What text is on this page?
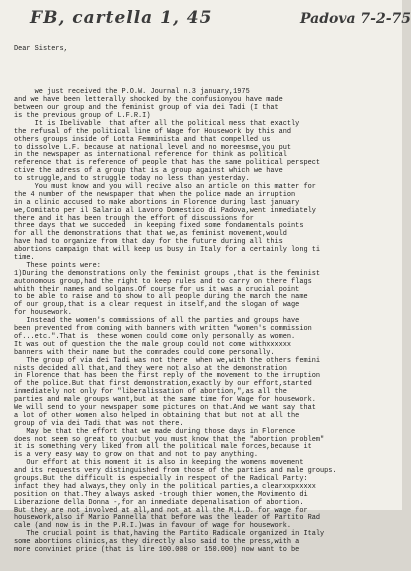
FB, cartella 1, 45	Padova 7-2-75

Dear Sisters,

we just received the P.O.W. Journal n.3 january,1975
and we have been letterally shocked by the confusionyou have made
between our group and the feminist group of via dei Tadi (I that
is the previous group of L.F.R.I)
It is Ibelivable  that after all the political mess that exactly
the refusal of the political line of Wage for Housework by this and
others groups inside of Lotta Femminista and that compelled us
to dissolve L.F. because at national level and no moreesmse,you put
in the newspaper as international reference for think as political
reference that is reference of people that has the same political perspect
ctive the adress of a group that is a group against which we have
to struggle,and to struggle today no less than yesterday.
You must know and you will recive also an article on this matter for
the 4 number of the newspaper that when the police made an irruption
in a clinic accused to make abortions in Florence during last january
we,Comitato per il Salario al Lavoro Domestico di Padova,went inmediately
there and it has been trough the effort of discussions for
three days that we succeded  in keeping fixed some fondamentals points
for all the demonstrations that that we,as feminist movement,would
have had to organize from that day for the future during all this
abortions campaign that will keep us busy in Italy for a certainly long ti
time.
These points were:
1)During the demonstrations only the feminist groups ,that is the feminist
autonomous group,had the right to keep rules and to carry on there flags
whith their names and solgans.Of course for us it was a crucial point
to be able to raise and to show to all people during the march the name
of our group,that is a clear request in itself,and the slogan of wage
for housework.
Instead the women's commissions of all the parties and groups have
been prevented from coming with banners with written "women's commission
of...etc.".That is  these women could come only personally as women.
It was out of question the the male group could not come withxxxxxx
banners with their name but the comrades could come personally.
The group of via dei Tadi was not there  when we,with the others femini
nists decided all that,and they were not also at the demonstration
in Florence that has been the first reply of the movement to the irruption
of the police.But that first demonstration,exactly by our effort,started
inmediately not only for "liberalissation of abortion,",as all the
parties and male groups want,but at the same time for Wage for housework.
We will send to your newspaper some pictures on that.And we want say that
a lot of other women also helped in obtaining that but not at all the
group of via dei Tadi that was not there.
May be that the effort that we made during those days in Florence
does not seem so great to you:but you must know that the "abortion problem"
it is something very liked from all the political male forces,because it
is a very easy way to grow on that and not to pay anything.
Our effort at this moment it is also in keeping the womens movement
and its requests very distinguished from those of the parties and male groups.
groups.But the difficult is especially in respect of the Radical Party:
infact they had always,they only in the political parties,a clearxxpxxxxx
position on that.They always asked -trough thier women,the Movimento di
Liberazione della Donna -,for an inmediate depenalisation of abortion.
But they are not involved at all,and not at all the M.L.D. for wage for
housework,also if Mario Pannella that before was the leader of Partito Rad
cale (and now is in the P.R.I.)was in favour of wage for housework.
The crucial point is that,having the Partito Radicale organized in Italy
some abortions clinics,as they directly also said to the press,with a
more conviniet price (that is lire 100.000 or 150.000) now want to be
